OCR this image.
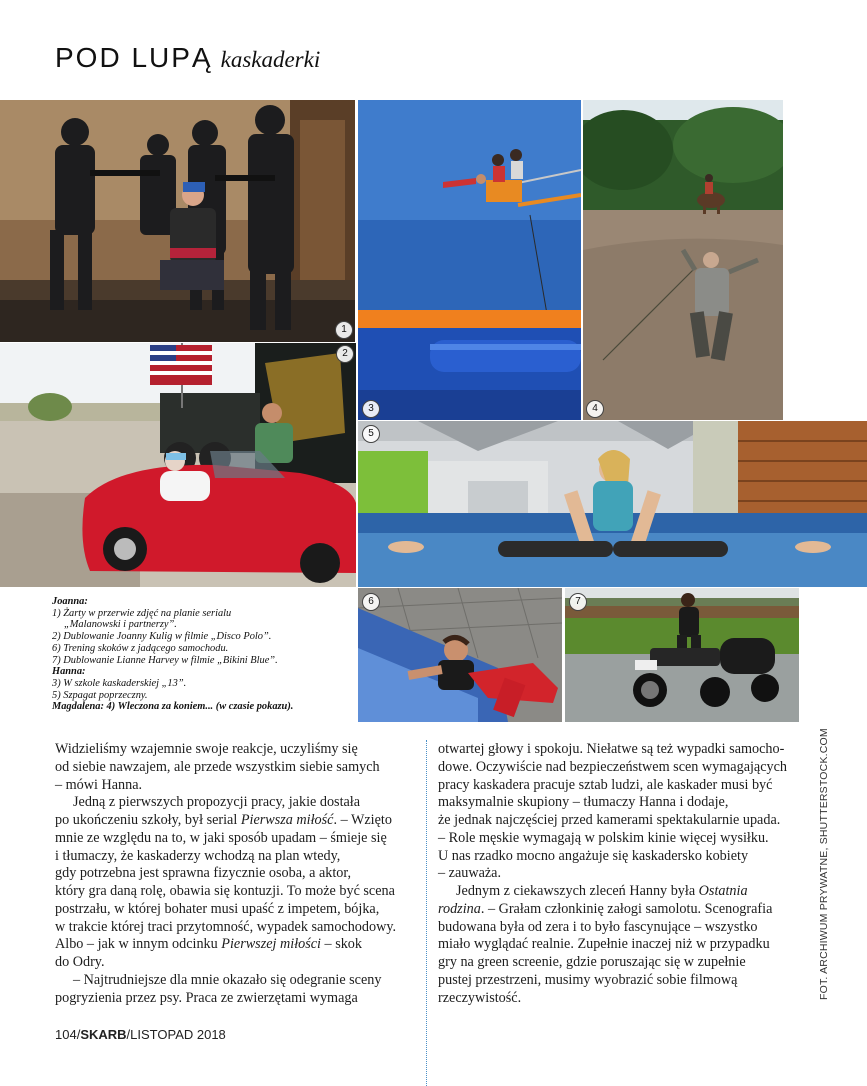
POD LUPĄ kaskaderki
1
2
3	4
5
6	7
Joanna:
1) Żarty w przerwie zdjęć na planie serialu
„Malanowski i partnerzy”.
2) Dublowanie Joanny Kulig w filmie „Disco Polo”.
6) Trening skoków z jadącego samochodu.
7) Dublowanie Lianne Harvey w filmie „Bikini Blue”.
Hanna:
3) W szkole kaskaderskiej „13”.
5) Szpagat poprzeczny.
Magdalena: 4) Wleczona za koniem... (w czasie pokazu).
Widzieliśmy wzajemnie swoje reakcje, uczyliśmy się
od siebie nawzajem, ale przede wszystkim siebie samych
– mówi Hanna.
Jedną z pierwszych propozycji pracy, jakie dostała
po ukończeniu szkoły, był serial Pierwsza miłość. – Wzięto
mnie ze względu na to, w jaki sposób upadam – śmieje się
i tłumaczy, że kaskaderzy wchodzą na plan wtedy,
gdy potrzebna jest sprawna fizycznie osoba, a aktor,
który gra daną rolę, obawia się kontuzji. To może być scena
postrzału, w której bohater musi upaść z impetem, bójka,
w trakcie której traci przytomność, wypadek samochodowy.
Albo – jak w innym odcinku Pierwszej miłości – skok
do Odry.
– Najtrudniejsze dla mnie okazało się odegranie sceny
pogryzienia przez psy. Praca ze zwierzętami wymaga
otwartej głowy i spokoju. Niełatwe są też wypadki samocho-
dowe. Oczywiście nad bezpieczeństwem scen wymagających
pracy kaskadera pracuje sztab ludzi, ale kaskader musi być
maksymalnie skupiony – tłumaczy Hanna i dodaje,
że jednak najczęściej przed kamerami spektakularnie upada.
– Role męskie wymagają w polskim kinie więcej wysiłku.
U nas rzadko mocno angażuje się kaskadersko kobiety
– zauważa.
Jednym z ciekawszych zleceń Hanny była Ostatnia
rodzina. – Grałam członkinię załogi samolotu. Scenografia
budowana była od zera i to było fascynujące – wszystko
miało wyglądać realnie. Zupełnie inaczej niż w przypadku
gry na green screenie, gdzie poruszając się w zupełnie
pustej przestrzeni, musimy wyobrazić sobie filmową
rzeczywistość.	FOT. ARCHIWUM PRYWATNE, SHUTTERSTOCK.COM
104/SKARB/LISTOPAD 2018
